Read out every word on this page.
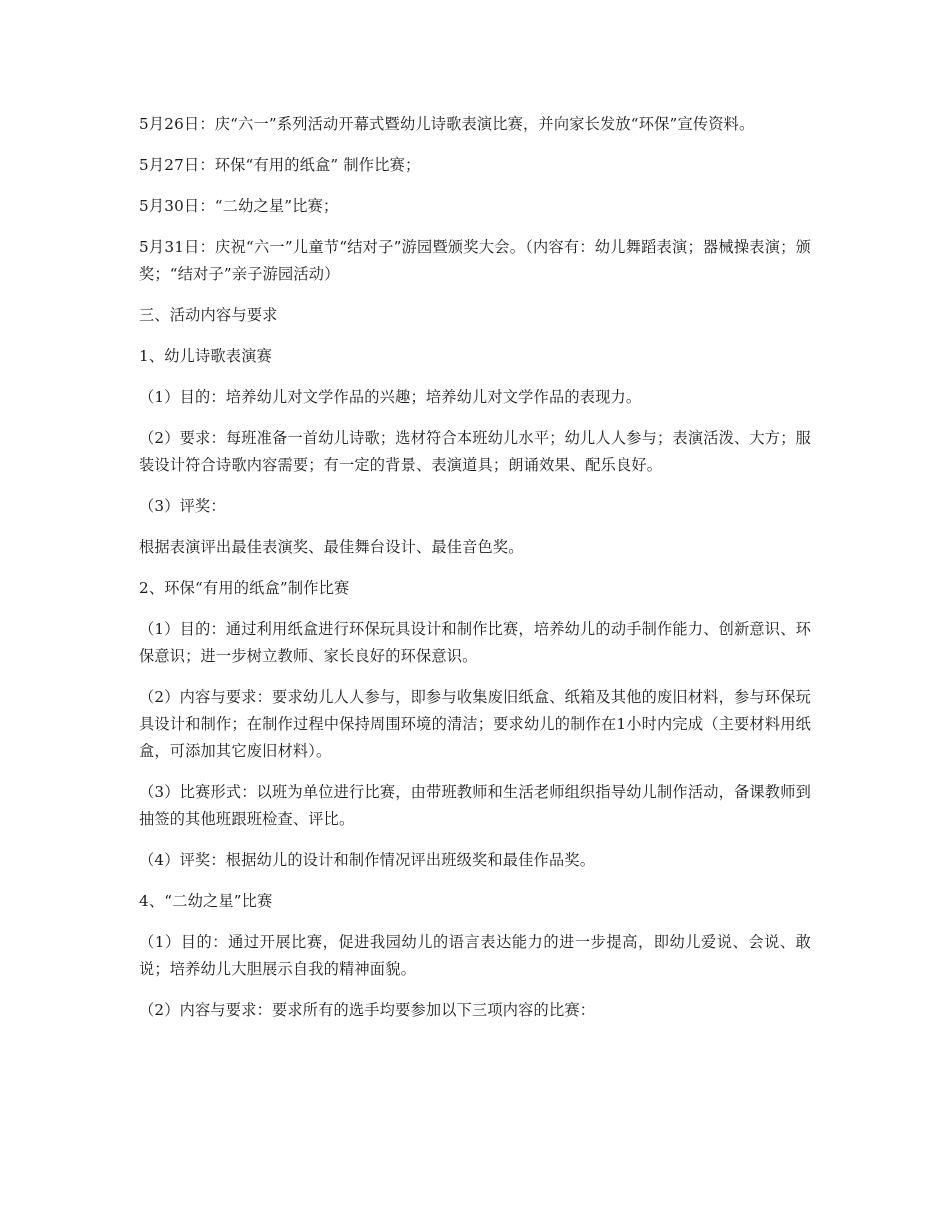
5月26日：庆“六一”系列活动开幕式暨幼儿诗歌表演比赛，并向家长发放“环保”宣传资料。

5月27日：环保“有用的纸盒” 制作比赛；

5月30日：“二幼之星”比赛；

5月31日：庆祝“六一”儿童节“结对子”游园暨颁奖大会。（内容有：幼儿舞蹈表演；器械操表演；颁奖；“结对子”亲子游园活动）

三、活动内容与要求

1、幼儿诗歌表演赛

（1）目的：培养幼儿对文学作品的兴趣；培养幼儿对文学作品的表现力。

（2）要求：每班准备一首幼儿诗歌；选材符合本班幼儿水平；幼儿人人参与；表演活泼、大方；服装设计符合诗歌内容需要；有一定的背景、表演道具；朗诵效果、配乐良好。

（3）评奖：

根据表演评出最佳表演奖、最佳舞台设计、最佳音色奖。

2、环保“有用的纸盒”制作比赛

（1）目的：通过利用纸盒进行环保玩具设计和制作比赛，培养幼儿的动手制作能力、创新意识、环保意识；进一步树立教师、家长良好的环保意识。

（2）内容与要求：要求幼儿人人参与，即参与收集废旧纸盒、纸箱及其他的废旧材料，参与环保玩具设计和制作；在制作过程中保持周围环境的清洁；要求幼儿的制作在1小时内完成（主要材料用纸盒，可添加其它废旧材料）。

（3）比赛形式：以班为单位进行比赛，由带班教师和生活老师组织指导幼儿制作活动，备课教师到抽签的其他班跟班检查、评比。

（4）评奖：根据幼儿的设计和制作情况评出班级奖和最佳作品奖。

4、“二幼之星”比赛

（1）目的：通过开展比赛，促进我园幼儿的语言表达能力的进一步提高，即幼儿爱说、会说、敢说；培养幼儿大胆展示自我的精神面貌。

（2）内容与要求：要求所有的选手均要参加以下三项内容的比赛：
